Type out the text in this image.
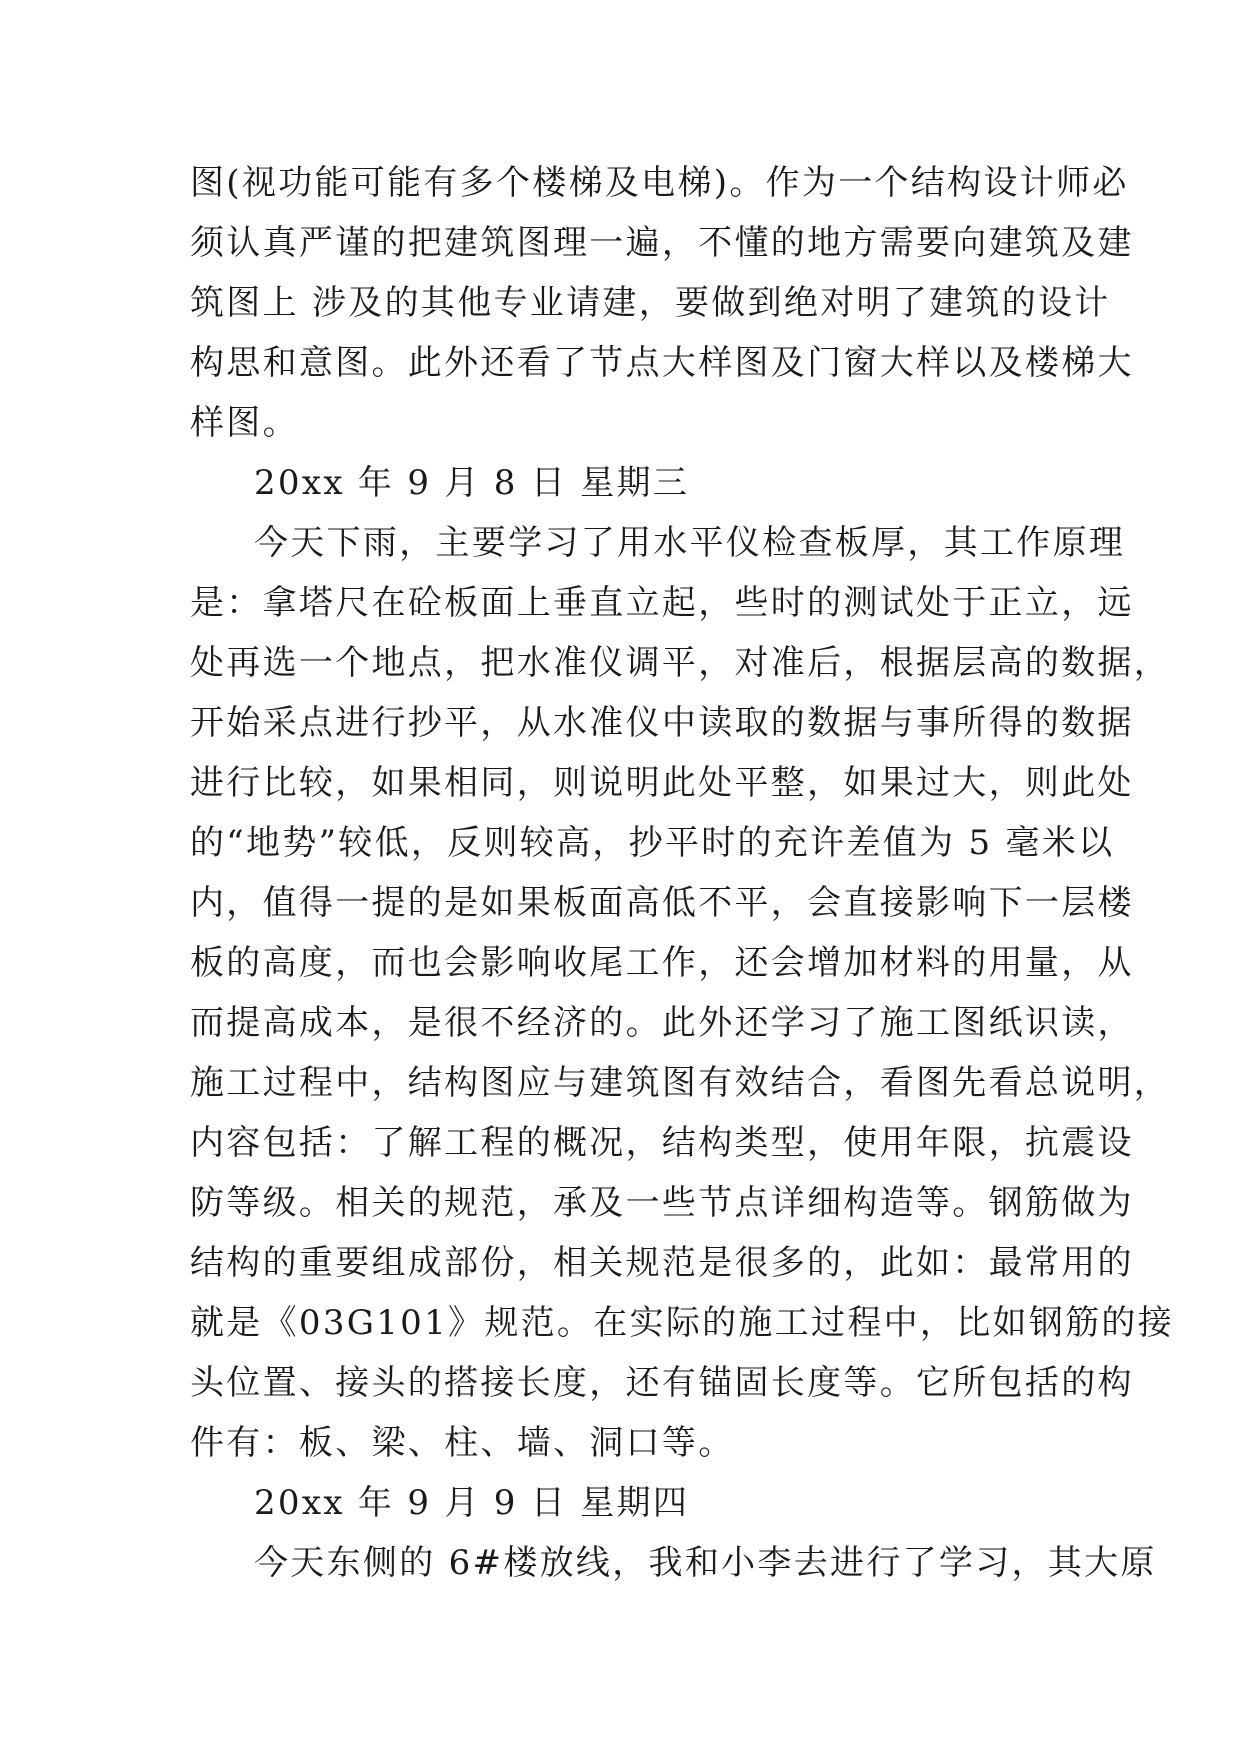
图(视功能可能有多个楼梯及电梯)。作为一个结构设计师必
须认真严谨的把建筑图理一遍，不懂的地方需要向建筑及建
筑图上 涉及的其他专业请建，要做到绝对明了建筑的设计
构思和意图。此外还看了节点大样图及门窗大样以及楼梯大
样图。
20xx 年 9 月 8 日 星期三
今天下雨，主要学习了用水平仪检查板厚，其工作原理
是：拿塔尺在砼板面上垂直立起，些时的测试处于正立，远
处再选一个地点，把水准仪调平，对准后，根据层高的数据，
开始采点进行抄平，从水准仪中读取的数据与事所得的数据
进行比较，如果相同，则说明此处平整，如果过大，则此处
的“地势”较低，反则较高，抄平时的充许差值为 5 毫米以
内，值得一提的是如果板面高低不平，会直接影响下一层楼
板的高度，而也会影响收尾工作，还会增加材料的用量，从
而提高成本，是很不经济的。此外还学习了施工图纸识读，
施工过程中，结构图应与建筑图有效结合，看图先看总说明，
内容包括：了解工程的概况，结构类型，使用年限，抗震设
防等级。相关的规范，承及一些节点详细构造等。钢筋做为
结构的重要组成部份，相关规范是很多的，此如：最常用的
就是《03G101》规范。在实际的施工过程中，比如钢筋的接
头位置、接头的搭接长度，还有锚固长度等。它所包括的构
件有：板、梁、柱、墙、洞口等。
20xx 年 9 月 9 日 星期四
今天东侧的 6#楼放线，我和小李去进行了学习，其大原
